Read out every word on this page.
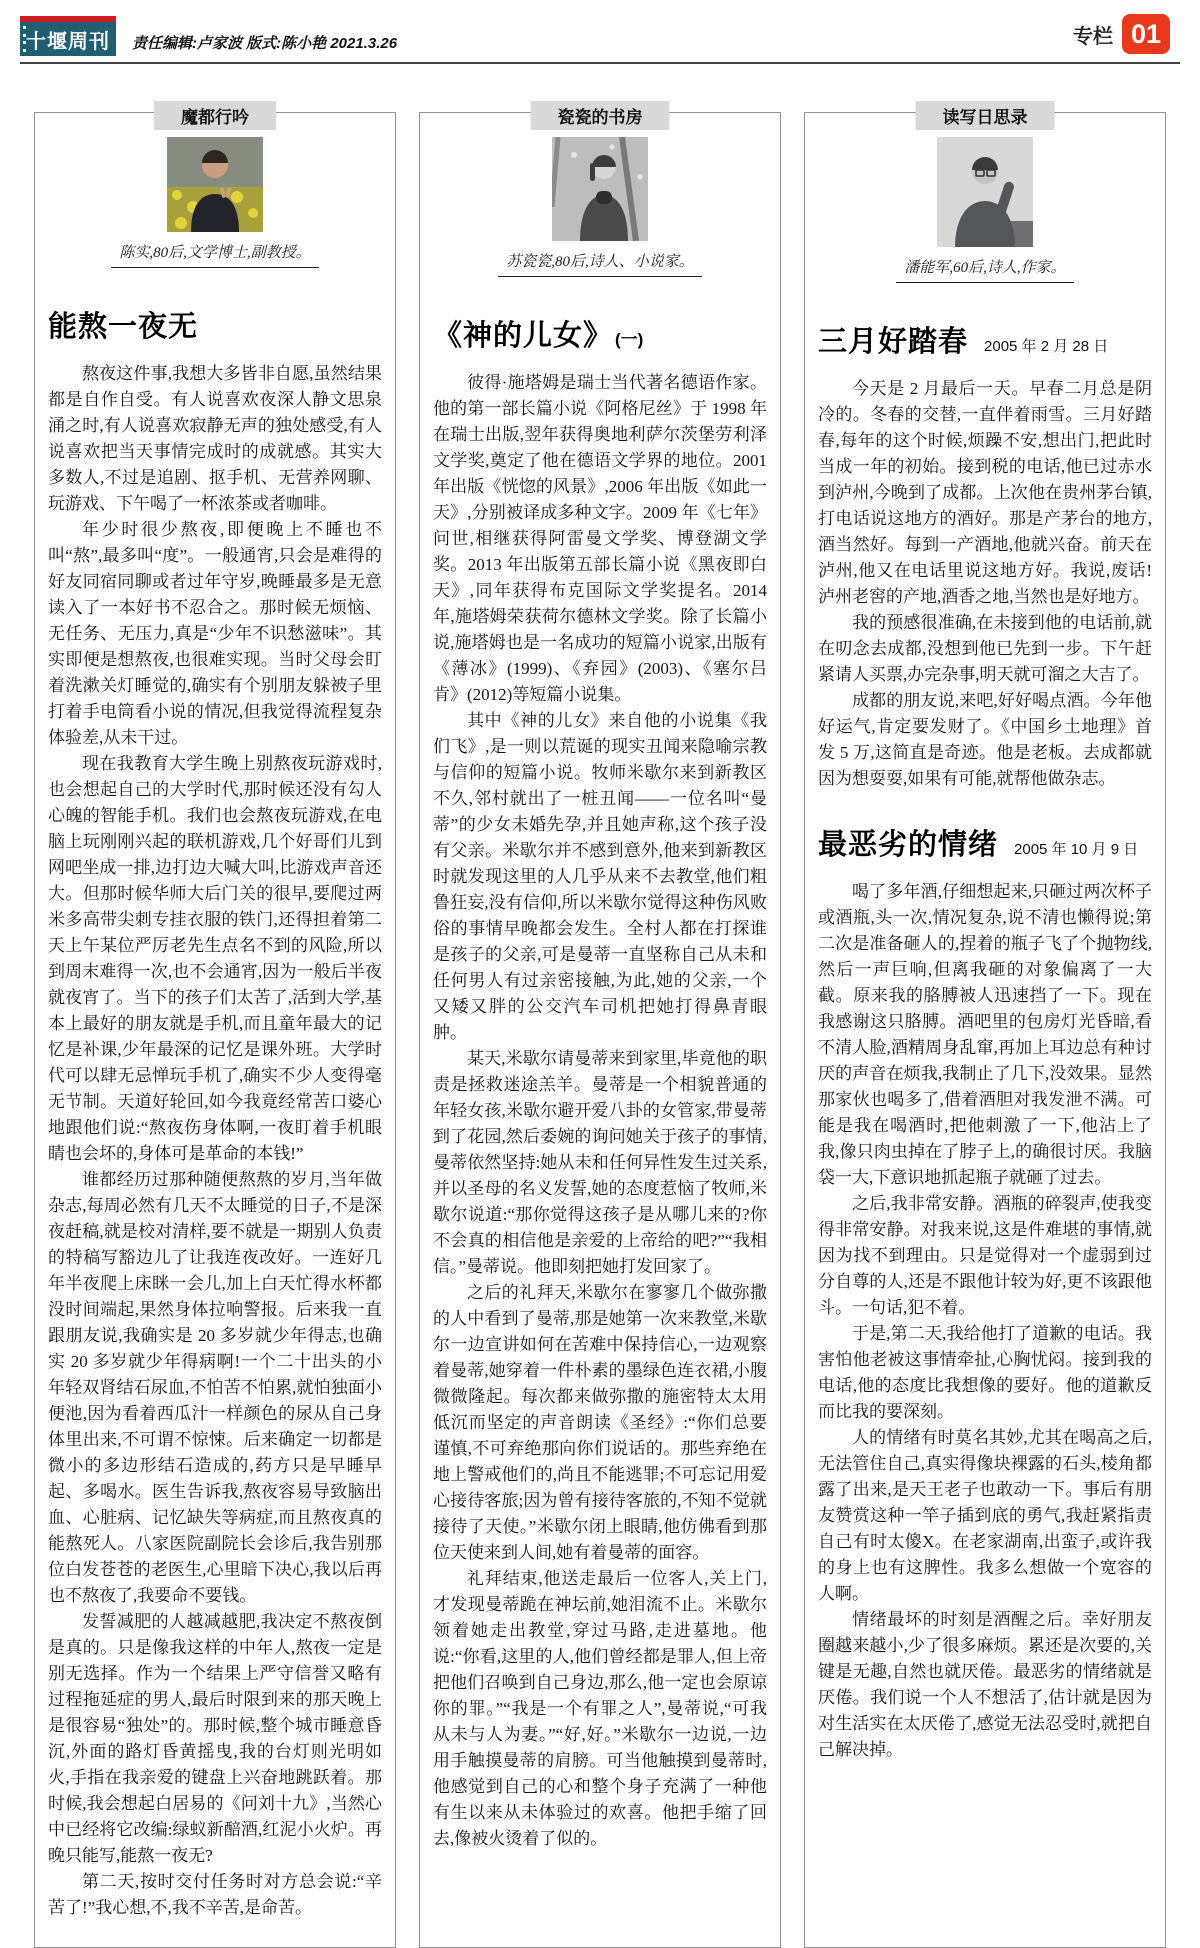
十堰周刊 责任编辑:卢家波 版式:陈小艳 2021.3.26	专栏 01
魔都行吟
陈实,80后,文学博士,副教授。
能熬一夜无

熬夜这件事,我想大多皆非自愿,虽然结果都是自作自受。有人说喜欢夜深人静文思泉涌之时,有人说喜欢寂静无声的独处感受,有人说喜欢把当天事情完成时的成就感。其实大多数人,不过是追剧、抠手机、无营养网聊、玩游戏、下午喝了一杯浓茶或者咖啡。

年少时很少熬夜,即便晚上不睡也不叫“熬”,最多叫“度”。一般通宵,只会是难得的好友同宿同聊或者过年守岁,晚睡最多是无意读入了一本好书不忍合之。那时候无烦恼、无任务、无压力,真是“少年不识愁滋味”。其实即便是想熬夜,也很难实现。当时父母会盯着洗漱关灯睡觉的,确实有个别朋友躲被子里打着手电筒看小说的情况,但我觉得流程复杂体验差,从未干过。

现在我教育大学生晚上别熬夜玩游戏时,也会想起自己的大学时代,那时候还没有勾人心魄的智能手机。我们也会熬夜玩游戏,在电脑上玩刚刚兴起的联机游戏,几个好哥们儿到网吧坐成一排,边打边大喊大叫,比游戏声音还大。但那时候华师大后门关的很早,要爬过两米多高带尖刺专挂衣服的铁门,还得担着第二天上午某位严厉老先生点名不到的风险,所以到周末难得一次,也不会通宵,因为一般后半夜就夜宵了。当下的孩子们太苦了,活到大学,基本上最好的朋友就是手机,而且童年最大的记忆是补课,少年最深的记忆是课外班。大学时代可以肆无忌惮玩手机了,确实不少人变得毫无节制。天道好轮回,如今我竟经常苦口婆心地跟他们说:“熬夜伤身体啊,一夜盯着手机眼睛也会坏的,身体可是革命的本钱!”

谁都经历过那种随便熬熬的岁月,当年做杂志,每周必然有几天不太睡觉的日子,不是深夜赶稿,就是校对清样,要不就是一期别人负责的特稿写豁边儿了让我连夜改好。一连好几年半夜爬上床眯一会儿,加上白天忙得水杯都没时间端起,果然身体拉响警报。后来我一直跟朋友说,我确实是 20 多岁就少年得志,也确实 20 多岁就少年得病啊!一个二十出头的小年轻双肾结石尿血,不怕苦不怕累,就怕独面小便池,因为看着西瓜汁一样颜色的尿从自己身体里出来,不可谓不惊悚。后来确定一切都是微小的多边形结石造成的,药方只是早睡早起、多喝水。医生告诉我,熬夜容易导致脑出血、心脏病、记忆缺失等病症,而且熬夜真的能熬死人。八家医院副院长会诊后,我告别那位白发苍苍的老医生,心里暗下决心,我以后再也不熬夜了,我要命不要钱。

发誓减肥的人越减越肥,我决定不熬夜倒是真的。只是像我这样的中年人,熬夜一定是别无选择。作为一个结果上严守信誉又略有过程拖延症的男人,最后时限到来的那天晚上是很容易“独处”的。那时候,整个城市睡意昏沉,外面的路灯昏黄摇曳,我的台灯则光明如火,手指在我亲爱的键盘上兴奋地跳跃着。那时候,我会想起白居易的《问刘十九》,当然心中已经将它改编:绿蚁新醅酒,红泥小火炉。再晚只能写,能熬一夜无?

第二天,按时交付任务时对方总会说:“辛苦了!”我心想,不,我不辛苦,是命苦。

瓷瓷的书房
苏瓷瓷,80后,诗人、小说家。
《神的儿女》 (一)

彼得·施塔姆是瑞士当代著名德语作家。他的第一部长篇小说《阿格尼丝》于 1998 年在瑞士出版,翌年获得奥地利萨尔茨堡劳利泽文学奖,奠定了他在德语文学界的地位。2001 年出版《恍惚的风景》,2006 年出版《如此一天》,分别被译成多种文字。2009 年《七年》问世,相继获得阿雷曼文学奖、博登湖文学奖。2013 年出版第五部长篇小说《黑夜即白天》,同年获得布克国际文学奖提名。2014 年,施塔姆荣获荷尔德林文学奖。除了长篇小说,施塔姆也是一名成功的短篇小说家,出版有《薄冰》(1999)、《弃园》(2003)、《塞尔吕肯》(2012)等短篇小说集。

其中《神的儿女》来自他的小说集《我们飞》,是一则以荒诞的现实丑闻来隐喻宗教与信仰的短篇小说。牧师米歇尔来到新教区不久,邻村就出了一桩丑闻——一位名叫“曼蒂”的少女未婚先孕,并且她声称,这个孩子没有父亲。米歇尔并不感到意外,他来到新教区时就发现这里的人几乎从来不去教堂,他们粗鲁狂妄,没有信仰,所以米歇尔觉得这种伤风败俗的事情早晚都会发生。全村人都在打探谁是孩子的父亲,可是曼蒂一直坚称自己从未和任何男人有过亲密接触,为此,她的父亲,一个又矮又胖的公交汽车司机把她打得鼻青眼肿。

某天,米歇尔请曼蒂来到家里,毕竟他的职责是拯救迷途羔羊。曼蒂是一个相貌普通的年轻女孩,米歇尔避开爱八卦的女管家,带曼蒂到了花园,然后委婉的询问她关于孩子的事情,曼蒂依然坚持:她从未和任何异性发生过关系,并以圣母的名义发誓,她的态度惹恼了牧师,米歇尔说道:“那你觉得这孩子是从哪儿来的?你不会真的相信他是亲爱的上帝给的吧?”“我相信。”曼蒂说。他即刻把她打发回家了。

之后的礼拜天,米歇尔在寥寥几个做弥撒的人中看到了曼蒂,那是她第一次来教堂,米歇尔一边宣讲如何在苦难中保持信心,一边观察着曼蒂,她穿着一件朴素的墨绿色连衣裙,小腹微微隆起。每次都来做弥撒的施密特太太用低沉而坚定的声音朗读《圣经》:“你们总要谨慎,不可弃绝那向你们说话的。那些弃绝在地上警戒他们的,尚且不能逃罪;不可忘记用爱心接待客旅;因为曾有接待客旅的,不知不觉就接待了天使。”米歇尔闭上眼睛,他仿佛看到那位天使来到人间,她有着曼蒂的面容。

礼拜结束,他送走最后一位客人,关上门,才发现曼蒂跪在神坛前,她泪流不止。米歇尔领着她走出教堂,穿过马路,走进墓地。他说:“你看,这里的人,他们曾经都是罪人,但上帝把他们召唤到自己身边,那么,他一定也会原谅你的罪。”“我是一个有罪之人”,曼蒂说,“可我从未与人为妻。”“好,好。”米歇尔一边说,一边用手触摸曼蒂的肩膀。可当他触摸到曼蒂时,他感觉到自己的心和整个身子充满了一种他有生以来从未体验过的欢喜。他把手缩了回去,像被火烫着了似的。

读写日思录
潘能军,60后,诗人,作家。
三月好踏春 2005 年 2 月 28 日

今天是 2 月最后一天。早春二月总是阴冷的。冬春的交替,一直伴着雨雪。三月好踏春,每年的这个时候,烦躁不安,想出门,把此时当成一年的初始。接到税的电话,他已过赤水到泸州,今晚到了成都。上次他在贵州茅台镇,打电话说这地方的酒好。那是产茅台的地方,酒当然好。每到一产酒地,他就兴奋。前天在泸州,他又在电话里说这地方好。我说,废话!泸州老窖的产地,酒香之地,当然也是好地方。

我的预感很准确,在未接到他的电话前,就在叨念去成都,没想到他已先到一步。下午赶紧请人买票,办完杂事,明天就可溜之大吉了。

成都的朋友说,来吧,好好喝点酒。今年他好运气,肯定要发财了。《中国乡土地理》首发 5 万,这简直是奇迹。他是老板。去成都就因为想耍耍,如果有可能,就帮他做杂志。

最恶劣的情绪 2005 年 10 月 9 日

喝了多年酒,仔细想起来,只砸过两次杯子或酒瓶,头一次,情况复杂,说不清也懒得说;第二次是准备砸人的,捏着的瓶子飞了个抛物线,然后一声巨响,但离我砸的对象偏离了一大截。原来我的胳膊被人迅速挡了一下。现在我感谢这只胳膊。酒吧里的包房灯光昏暗,看不清人脸,酒精周身乱窜,再加上耳边总有种讨厌的声音在烦我,我制止了几下,没效果。显然那家伙也喝多了,借着酒胆对我发泄不满。可能是我在喝酒时,把他刺激了一下,他沾上了我,像只肉虫掉在了脖子上,的确很讨厌。我脑袋一大,下意识地抓起瓶子就砸了过去。

之后,我非常安静。酒瓶的碎裂声,使我变得非常安静。对我来说,这是件难堪的事情,就因为找不到理由。只是觉得对一个虚弱到过分自尊的人,还是不跟他计较为好,更不该跟他斗。一句话,犯不着。

于是,第二天,我给他打了道歉的电话。我害怕他老被这事情牵扯,心胸忧闷。接到我的电话,他的态度比我想像的要好。他的道歉反而比我的要深刻。

人的情绪有时莫名其妙,尤其在喝高之后,无法管住自己,真实得像块裸露的石头,棱角都露了出来,是天王老子也敢动一下。事后有朋友赞赏这种一竿子插到底的勇气,我赶紧指责自己有时太傻X。在老家湖南,出蛮子,或许我的身上也有这脾性。我多么想做一个宽容的人啊。

情绪最坏的时刻是酒醒之后。幸好朋友圈越来越小,少了很多麻烦。累还是次要的,关键是无趣,自然也就厌倦。最恶劣的情绪就是厌倦。我们说一个人不想活了,估计就是因为对生活实在太厌倦了,感觉无法忍受时,就把自己解决掉。
